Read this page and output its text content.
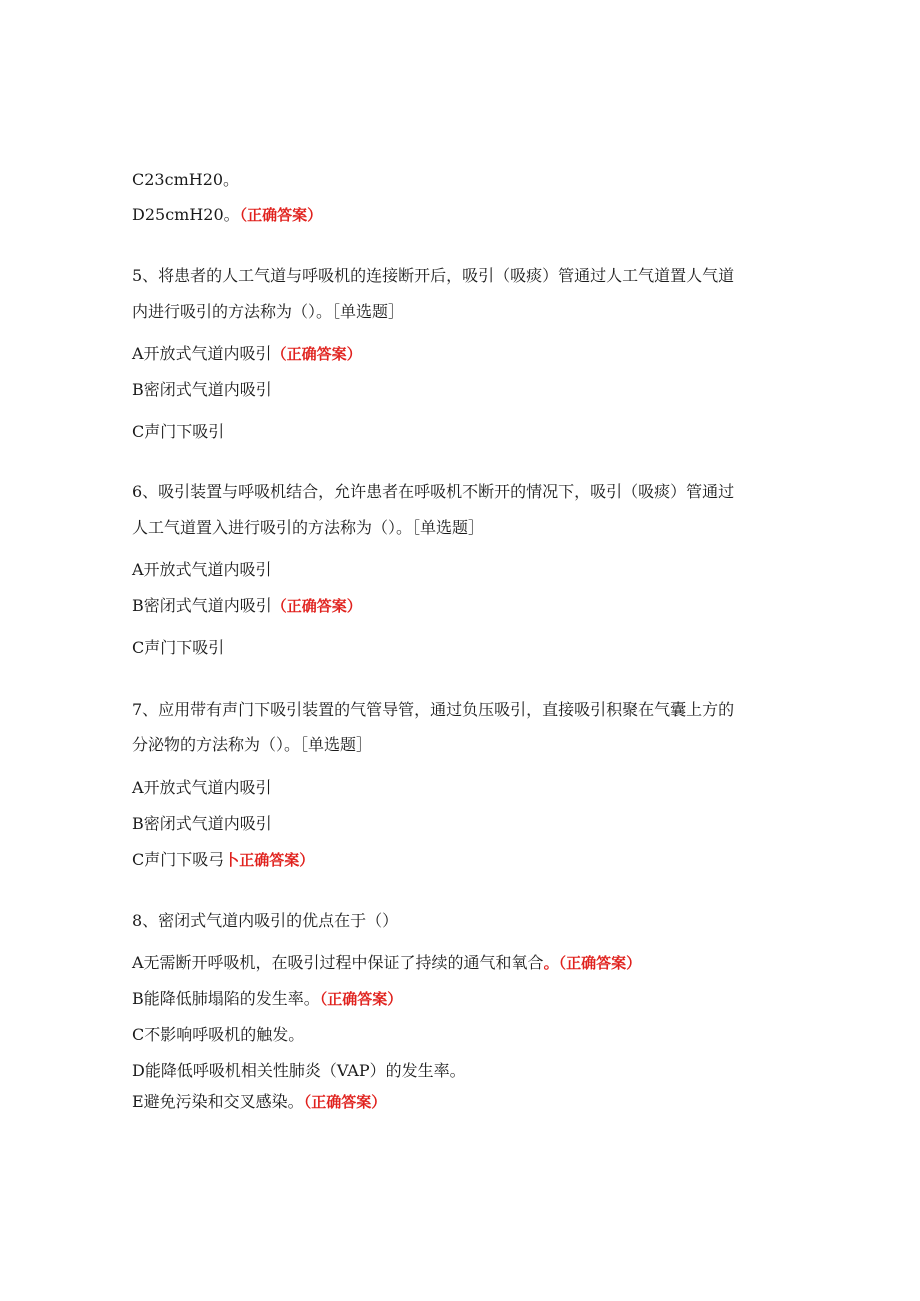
C23cmH20。
D25cmH20。（正确答案）
5、将患者的人工气道与呼吸机的连接断开后，吸引（吸痰）管通过人工气道置人气道
内进行吸引的方法称为（）。［单选题］
A开放式气道内吸引（正确答案）
B密闭式气道内吸引
C声门下吸引
6、吸引装置与呼吸机结合，允许患者在呼吸机不断开的情况下，吸引（吸痰）管通过
人工气道置入进行吸引的方法称为（）。［单选题］
A开放式气道内吸引
B密闭式气道内吸引（正确答案）
C声门下吸引
7、应用带有声门下吸引装置的气管导管，通过负压吸引，直接吸引积聚在气囊上方的
分泌物的方法称为（）。［单选题］
A开放式气道内吸引
B密闭式气道内吸引
C声门下吸弓卜正确答案）
8、密闭式气道内吸引的优点在于（）
A无需断开呼吸机，在吸引过程中保证了持续的通气和氧合。（正确答案）
B能降低肺塌陷的发生率。（正确答案）
C不影响呼吸机的触发。
D能降低呼吸机相关性肺炎（VAP）的发生率。
E避免污染和交叉感染。（正确答案）
